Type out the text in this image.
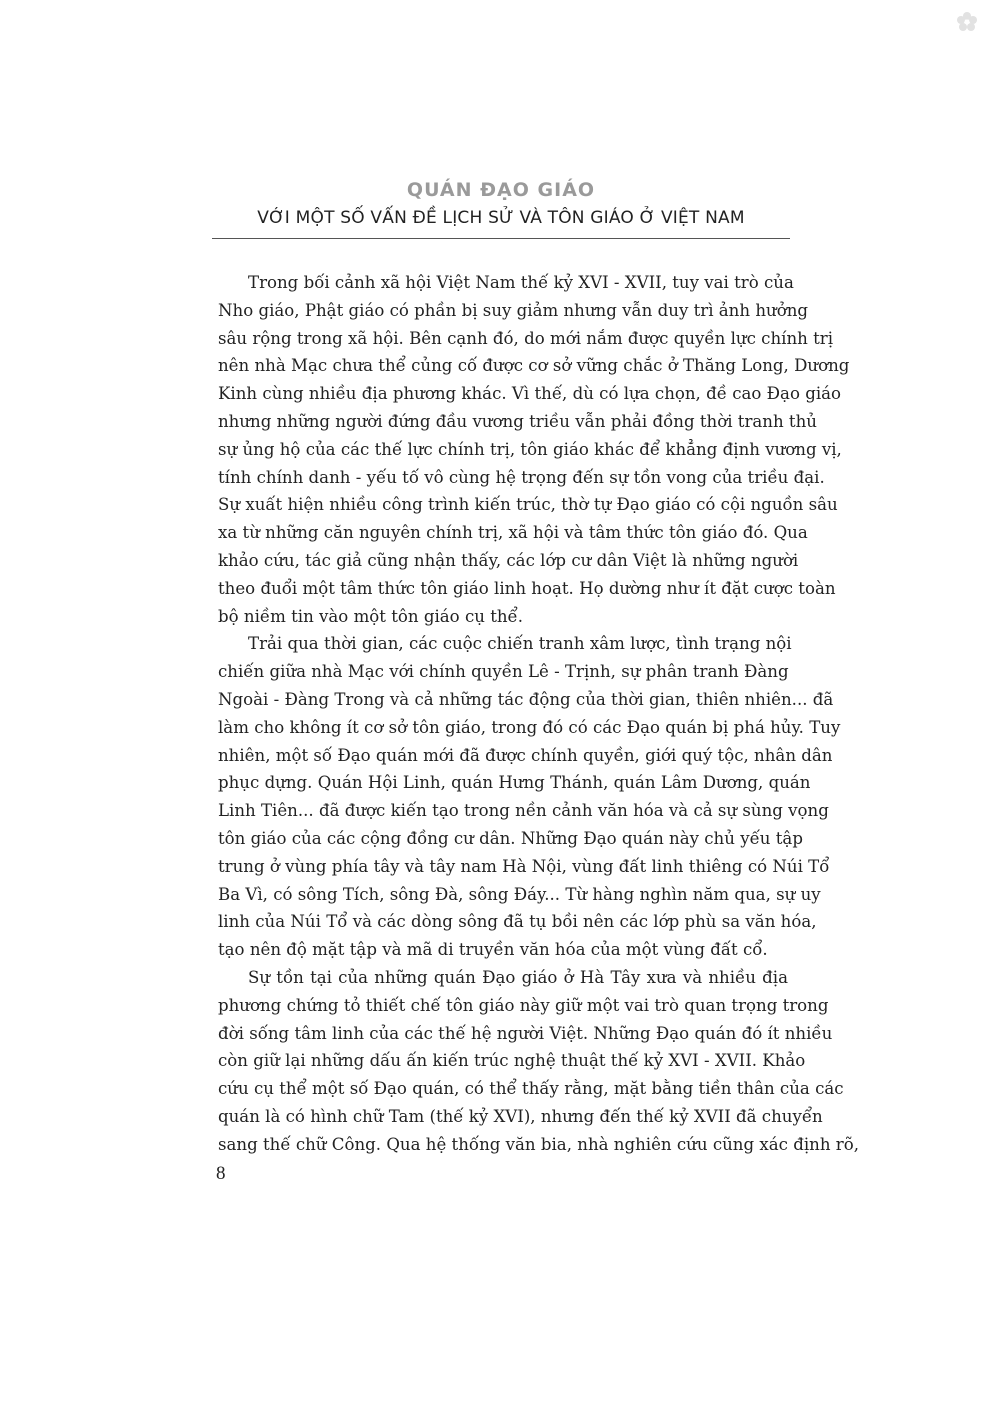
QUÁN ĐẠO GIÁO
VỚI MỘT SỐ VẤN ĐỀ LỊCH SỬ VÀ TÔN GIÁO Ở VIỆT NAM
Trong bối cảnh xã hội Việt Nam thế kỷ XVI - XVII, tuy vai trò của
Nho giáo, Phật giáo có phần bị suy giảm nhưng vẫn duy trì ảnh hưởng
sâu rộng trong xã hội. Bên cạnh đó, do mới nắm được quyền lực chính trị
nên nhà Mạc chưa thể củng cố được cơ sở vững chắc ở Thăng Long, Dương
Kinh cùng nhiều địa phương khác. Vì thế, dù có lựa chọn, đề cao Đạo giáo
nhưng những người đứng đầu vương triều vẫn phải đồng thời tranh thủ
sự ủng hộ của các thế lực chính trị, tôn giáo khác để khẳng định vương vị,
tính chính danh - yếu tố vô cùng hệ trọng đến sự tồn vong của triều đại.
Sự xuất hiện nhiều công trình kiến trúc, thờ tự Đạo giáo có cội nguồn sâu
xa từ những căn nguyên chính trị, xã hội và tâm thức tôn giáo đó. Qua
khảo cứu, tác giả cũng nhận thấy, các lớp cư dân Việt là những người
theo đuổi một tâm thức tôn giáo linh hoạt. Họ dường như ít đặt cược toàn
bộ niềm tin vào một tôn giáo cụ thể.
Trải qua thời gian, các cuộc chiến tranh xâm lược, tình trạng nội
chiến giữa nhà Mạc với chính quyền Lê - Trịnh, sự phân tranh Đàng
Ngoài - Đàng Trong và cả những tác động của thời gian, thiên nhiên... đã
làm cho không ít cơ sở tôn giáo, trong đó có các Đạo quán bị phá hủy. Tuy
nhiên, một số Đạo quán mới đã được chính quyền, giới quý tộc, nhân dân
phục dựng. Quán Hội Linh, quán Hưng Thánh, quán Lâm Dương, quán
Linh Tiên... đã được kiến tạo trong nền cảnh văn hóa và cả sự sùng vọng
tôn giáo của các cộng đồng cư dân. Những Đạo quán này chủ yếu tập
trung ở vùng phía tây và tây nam Hà Nội, vùng đất linh thiêng có Núi Tổ
Ba Vì, có sông Tích, sông Đà, sông Đáy... Từ hàng nghìn năm qua, sự uy
linh của Núi Tổ và các dòng sông đã tụ bồi nên các lớp phù sa văn hóa,
tạo nên độ mặt tập và mã di truyền văn hóa của một vùng đất cổ.
Sự tồn tại của những quán Đạo giáo ở Hà Tây xưa và nhiều địa
phương chứng tỏ thiết chế tôn giáo này giữ một vai trò quan trọng trong
đời sống tâm linh của các thế hệ người Việt. Những Đạo quán đó ít nhiều
còn giữ lại những dấu ấn kiến trúc nghệ thuật thế kỷ XVI - XVII. Khảo
cứu cụ thể một số Đạo quán, có thể thấy rằng, mặt bằng tiền thân của các
quán là có hình chữ Tam (thế kỷ XVI), nhưng đến thế kỷ XVII đã chuyển
sang thế chữ Công. Qua hệ thống văn bia, nhà nghiên cứu cũng xác định rõ,
8
